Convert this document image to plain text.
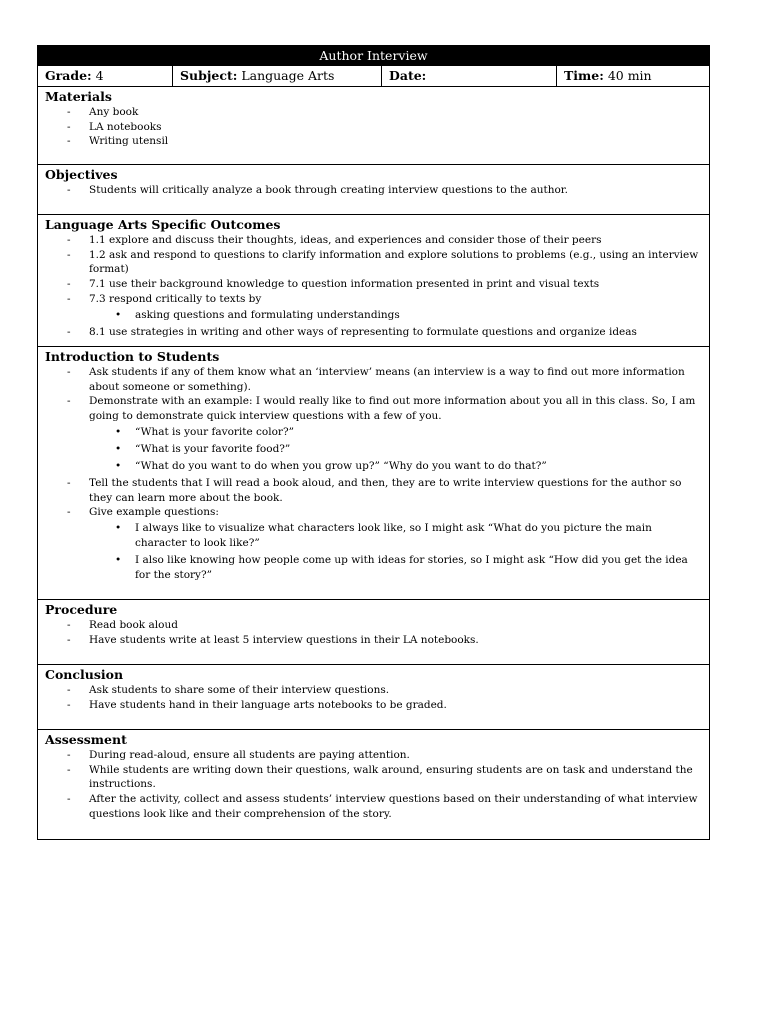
Author Interview
Grade: 4	Subject: Language Arts	Date:	Time: 40 min
Materials
- Any book
- LA notebooks
- Writing utensil
Objectives
- Students will critically analyze a book through creating interview questions to the author.
Language Arts Specific Outcomes
- 1.1 explore and discuss their thoughts, ideas, and experiences and consider those of their peers
- 1.2 ask and respond to questions to clarify information and explore solutions to problems (e.g., using an interview format)
- 7.1 use their background knowledge to question information presented in print and visual texts
- 7.3 respond critically to texts by
• asking questions and formulating understandings
- 8.1 use strategies in writing and other ways of representing to formulate questions and organize ideas
Introduction to Students
- Ask students if any of them know what an ‘interview’ means (an interview is a way to find out more information about someone or something).
- Demonstrate with an example: I would really like to find out more information about you all in this class. So, I am going to demonstrate quick interview questions with a few of you.
• “What is your favorite color?”
• “What is your favorite food?”
• “What do you want to do when you grow up?” “Why do you want to do that?”
- Tell the students that I will read a book aloud, and then, they are to write interview questions for the author so they can learn more about the book.
- Give example questions:
• I always like to visualize what characters look like, so I might ask “What do you picture the main character to look like?”
• I also like knowing how people come up with ideas for stories, so I might ask “How did you get the idea for the story?”
Procedure
- Read book aloud
- Have students write at least 5 interview questions in their LA notebooks.
Conclusion
- Ask students to share some of their interview questions.
- Have students hand in their language arts notebooks to be graded.
Assessment
- During read-aloud, ensure all students are paying attention.
- While students are writing down their questions, walk around, ensuring students are on task and understand the instructions.
- After the activity, collect and assess students’ interview questions based on their understanding of what interview questions look like and their comprehension of the story.
